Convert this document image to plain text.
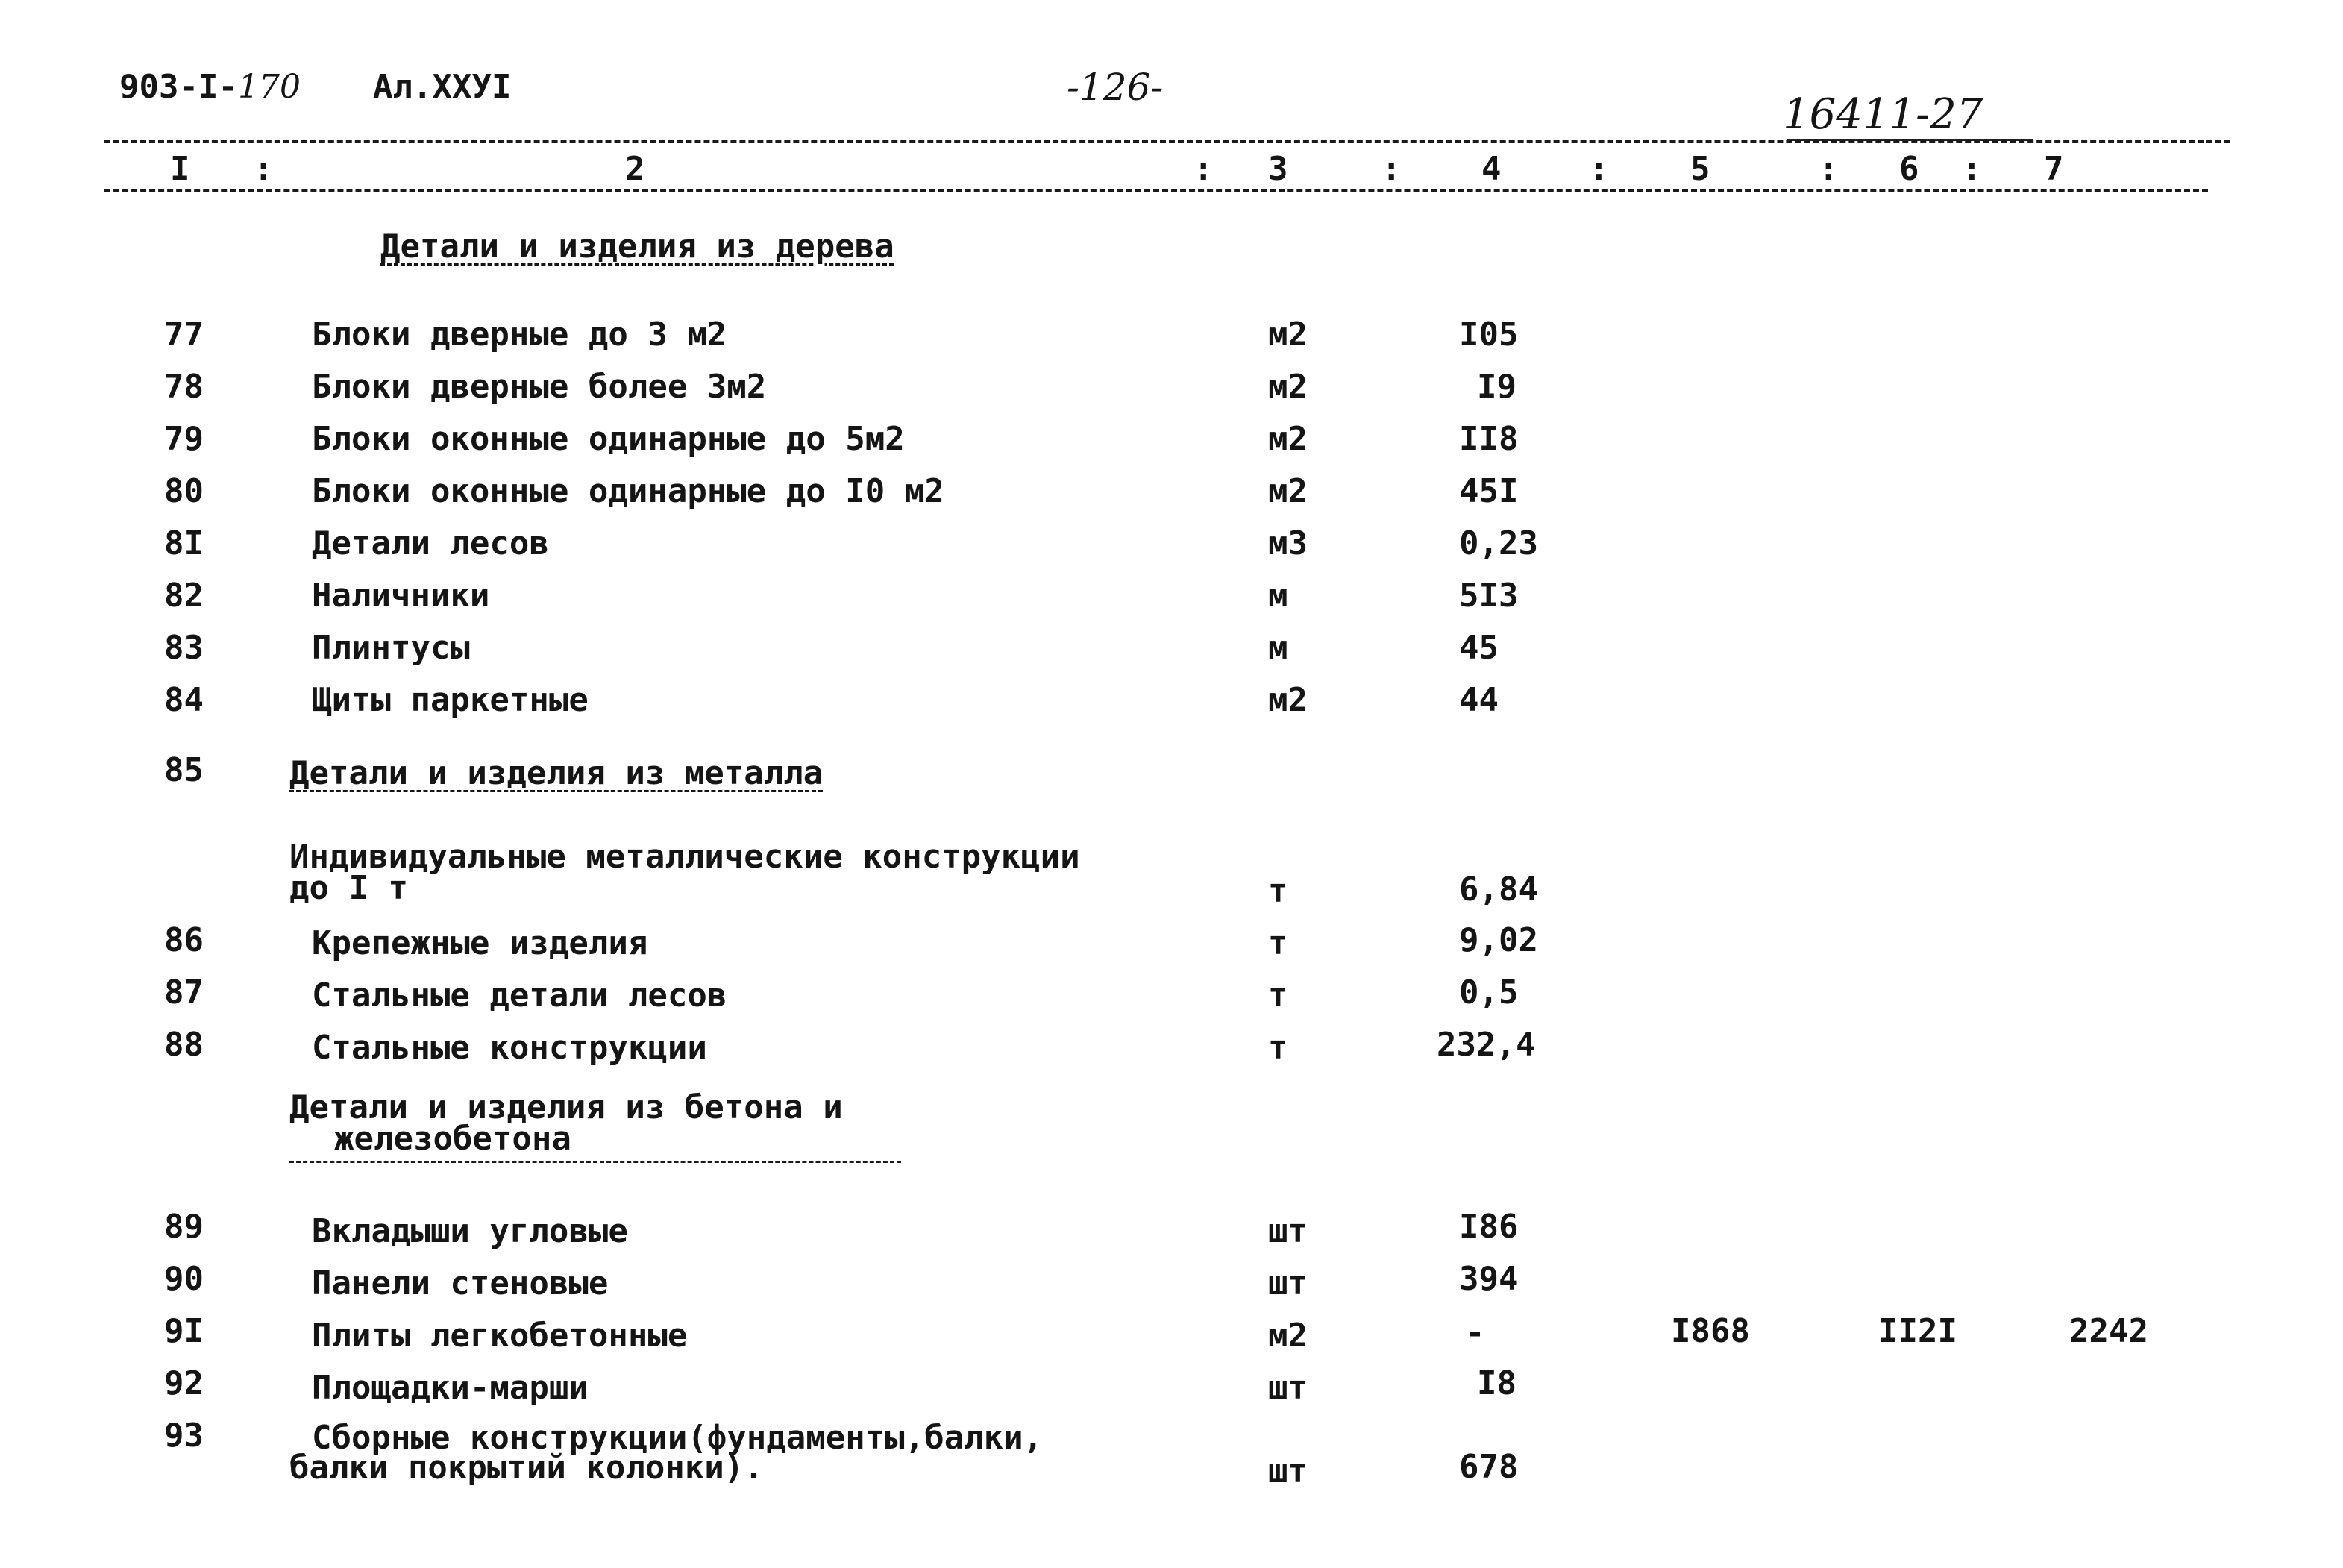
903-I-170 Ал.XXУI	-126-
16411-27
I :	2	: 3	: 4	: 5	: 6 : 7
Детали и изделия из дерева
77	Блоки дверные до 3 м2	м2	I05
78	Блоки дверные более 3м2	м2	I9
79	Блоки оконные одинарные до 5м2	м2	II8
80	Блоки оконные одинарные до I0 м2	м2	45I
8I	Детали лесов	м3	0,23
82	Наличники	м	5I3
83	Плинтусы	м	45
84	Щиты паркетные	м2	44
85	Детали и изделия из металла
Индивидуальные металлические конструкции
до I т	т	6,84
86	Крепежные изделия	т	9,02
87	Стальные детали лесов	т	0,5
88	Стальные конструкции	т	232,4
Детали и изделия из бетона и
железобетона
89	Вкладыши угловые	шт	I86
90	Панели стеновые	шт	394
9I	Плиты легкобетонные	м2	-	I868	II2I	2242
92	Площадки-марши	шт	I8
93	Сборные конструкции(фундаменты,балки,
балки покрытий колонки).	шт	678
